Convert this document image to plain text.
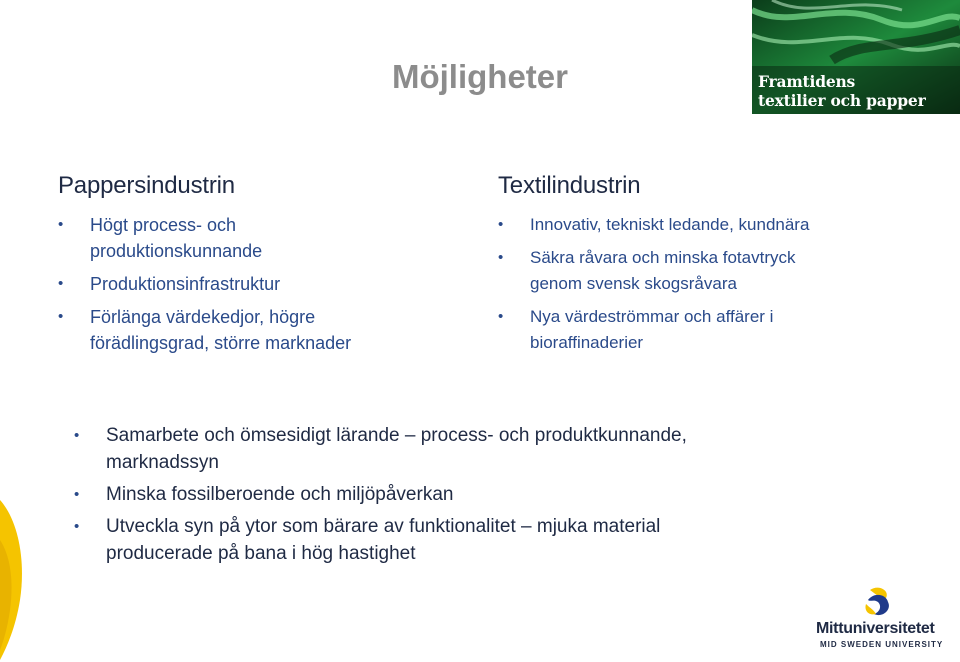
Möjligheter	Framtidens
textilier och papper
Pappersindustrin
• Högt process- och
produktionskunnande
• Produktionsinfrastruktur
• Förlänga värdekedjor, högre
förädlingsgrad, större marknader
Textilindustrin
• Innovativ, tekniskt ledande, kundnära
• Säkra råvara och minska fotavtryck
genom svensk skogsråvara
• Nya värdeströmmar och affärer i
bioraffinaderier
• Samarbete och ömsesidigt lärande – process- och produktkunnande,
marknadssyn
• Minska fossilberoende och miljöpåverkan
• Utveckla syn på ytor som bärare av funktionalitet – mjuka material
producerade på bana i hög hastighet
Mittuniversitetet
MID SWEDEN UNIVERSITY
